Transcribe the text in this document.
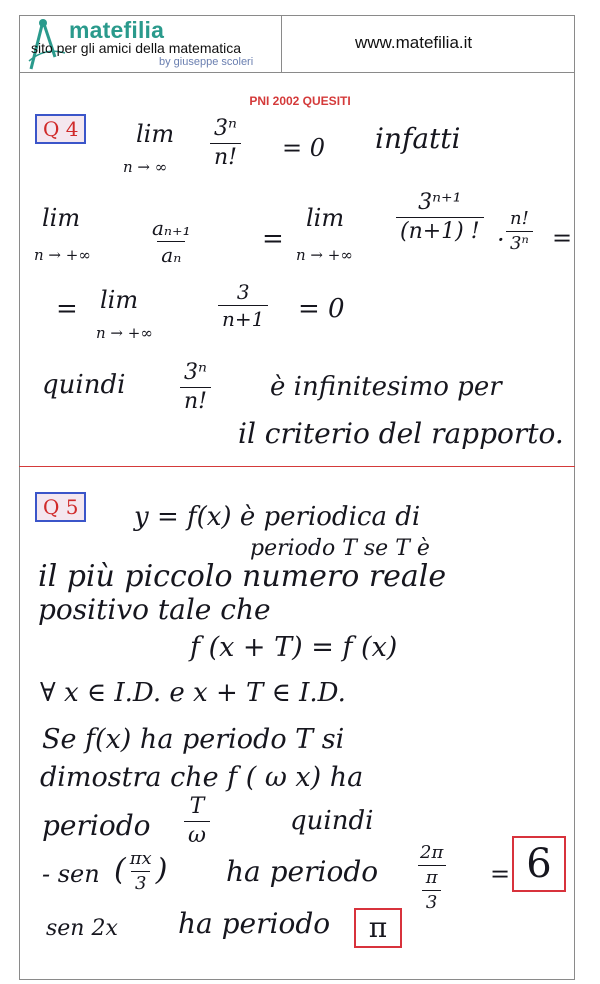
matefilia
sito per gli amici della matematica
by giuseppe scoleri
www.matefilia.it
PNI 2002 QUESITI
Q 4	lim
n → ∞ $\frac{\text{3ⁿ}}{n!} = 0$ infatti
lim
n → +∞	$\frac{\text{aₙ₊₁}}{\text{aₙ}}$	=
lim
n → +∞
$\frac{\text{3ⁿ⁺¹}}{(n+1) !} \cdot \frac{n!}{\text{3ⁿ}}$ =
= lim
n → +∞
$\frac{3}{n+1} = 0$
quindi $\frac{\text{3ⁿ}}{n!}$ è infinitesimo per
il criterio del rapporto.
Q 5	y = f(x) è periodica di
periodo T se T è
il più piccolo numero reale
positivo tale che
f (x + T) = f (x)
∀ x ∈ I.D. e x + T ∈ I.D.
Se f(x) ha periodo T si
dimostra che f ( ω x) ha
periodo $\frac{T}{\omega}$	quindi
- sen ( $\frac{\pi x}{3}$ ) ha periodo $\frac{2\pi}{\frac{\pi}{3}} = 6$
sen 2x ha periodo	π
